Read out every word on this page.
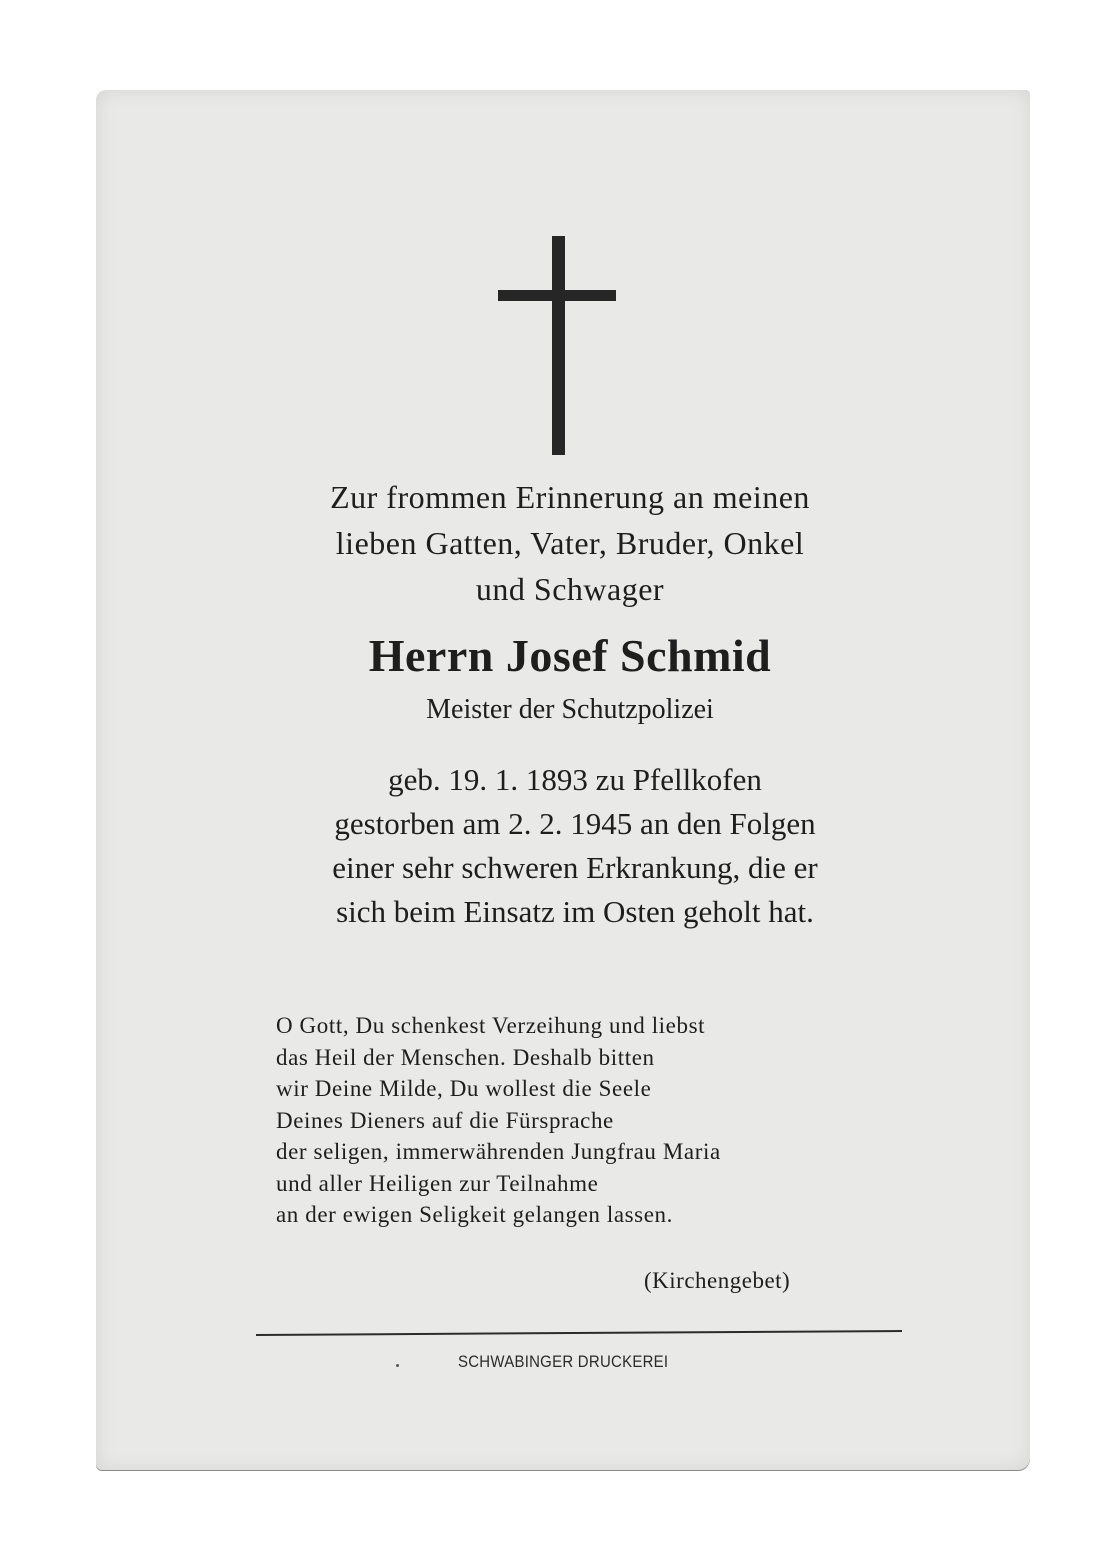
Zur frommen Erinnerung an meinen
lieben Gatten, Vater, Bruder, Onkel
und Schwager
Herrn Josef Schmid
Meister der Schutzpolizei
geb. 19. 1. 1893 zu Pfellkofen
gestorben am 2. 2. 1945 an den Folgen
einer sehr schweren Erkrankung, die er
sich beim Einsatz im Osten geholt hat.
O Gott, Du schenkest Verzeihung und liebst
das Heil der Menschen. Deshalb bitten
wir Deine Milde, Du wollest die Seele
Deines Dieners auf die Fürsprache
der seligen, immerwährenden Jungfrau Maria
und aller Heiligen zur Teilnahme
an der ewigen Seligkeit gelangen lassen.
(Kirchengebet)
SCHWABINGER DRUCKEREI
